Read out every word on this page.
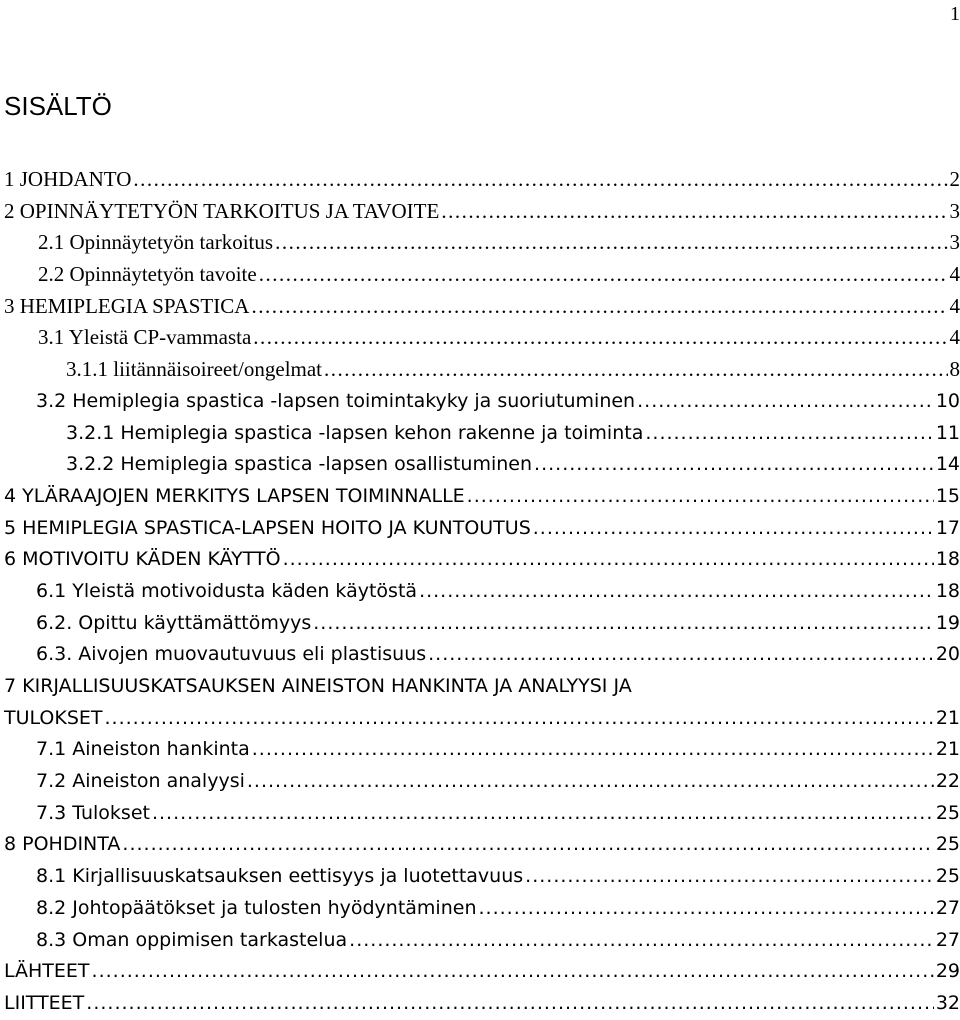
1
SISÄLTÖ
1 JOHDANTO .....	2
2 OPINNÄYTETYÖN TARKOITUS JA TAVOITE .....	3
2.1 Opinnäytetyön tarkoitus .....	3
2.2 Opinnäytetyön tavoite .....	4
3 HEMIPLEGIA SPASTICA .....	4
3.1 Yleistä CP-vammasta .....	4
3.1.1 liitännäisoireet/ongelmat .....	8
3.2 Hemiplegia spastica -lapsen toimintakyky ja suoriutuminen .....	10
3.2.1 Hemiplegia spastica -lapsen kehon rakenne ja toiminta .....	11
3.2.2 Hemiplegia spastica -lapsen osallistuminen .....	14
4 YLÄRAAJOJEN MERKITYS LAPSEN TOIMINNALLE .....	15
5 HEMIPLEGIA SPASTICA-LAPSEN HOITO JA KUNTOUTUS .....	17
6 MOTIVOITU KÄDEN KÄYTTÖ .....	18
6.1 Yleistä motivoidusta käden käytöstä .....	18
6.2. Opittu käyttämättömyys .....	19
6.3. Aivojen muovautuvuus eli plastisuus .....	20
7 KIRJALLISUUSKATSAUKSEN AINEISTON HANKINTA JA ANALYYSI JA
TULOKSET .....	21
7.1 Aineiston hankinta .....	21
7.2 Aineiston analyysi .....	22
7.3 Tulokset .....	25
8 POHDINTA .....	25
8.1 Kirjallisuuskatsauksen eettisyys ja luotettavuus .....	25
8.2 Johtopäätökset ja tulosten hyödyntäminen .....	27
8.3 Oman oppimisen tarkastelua .....	27
LÄHTEET .....	29
LIITTEET .....	32
